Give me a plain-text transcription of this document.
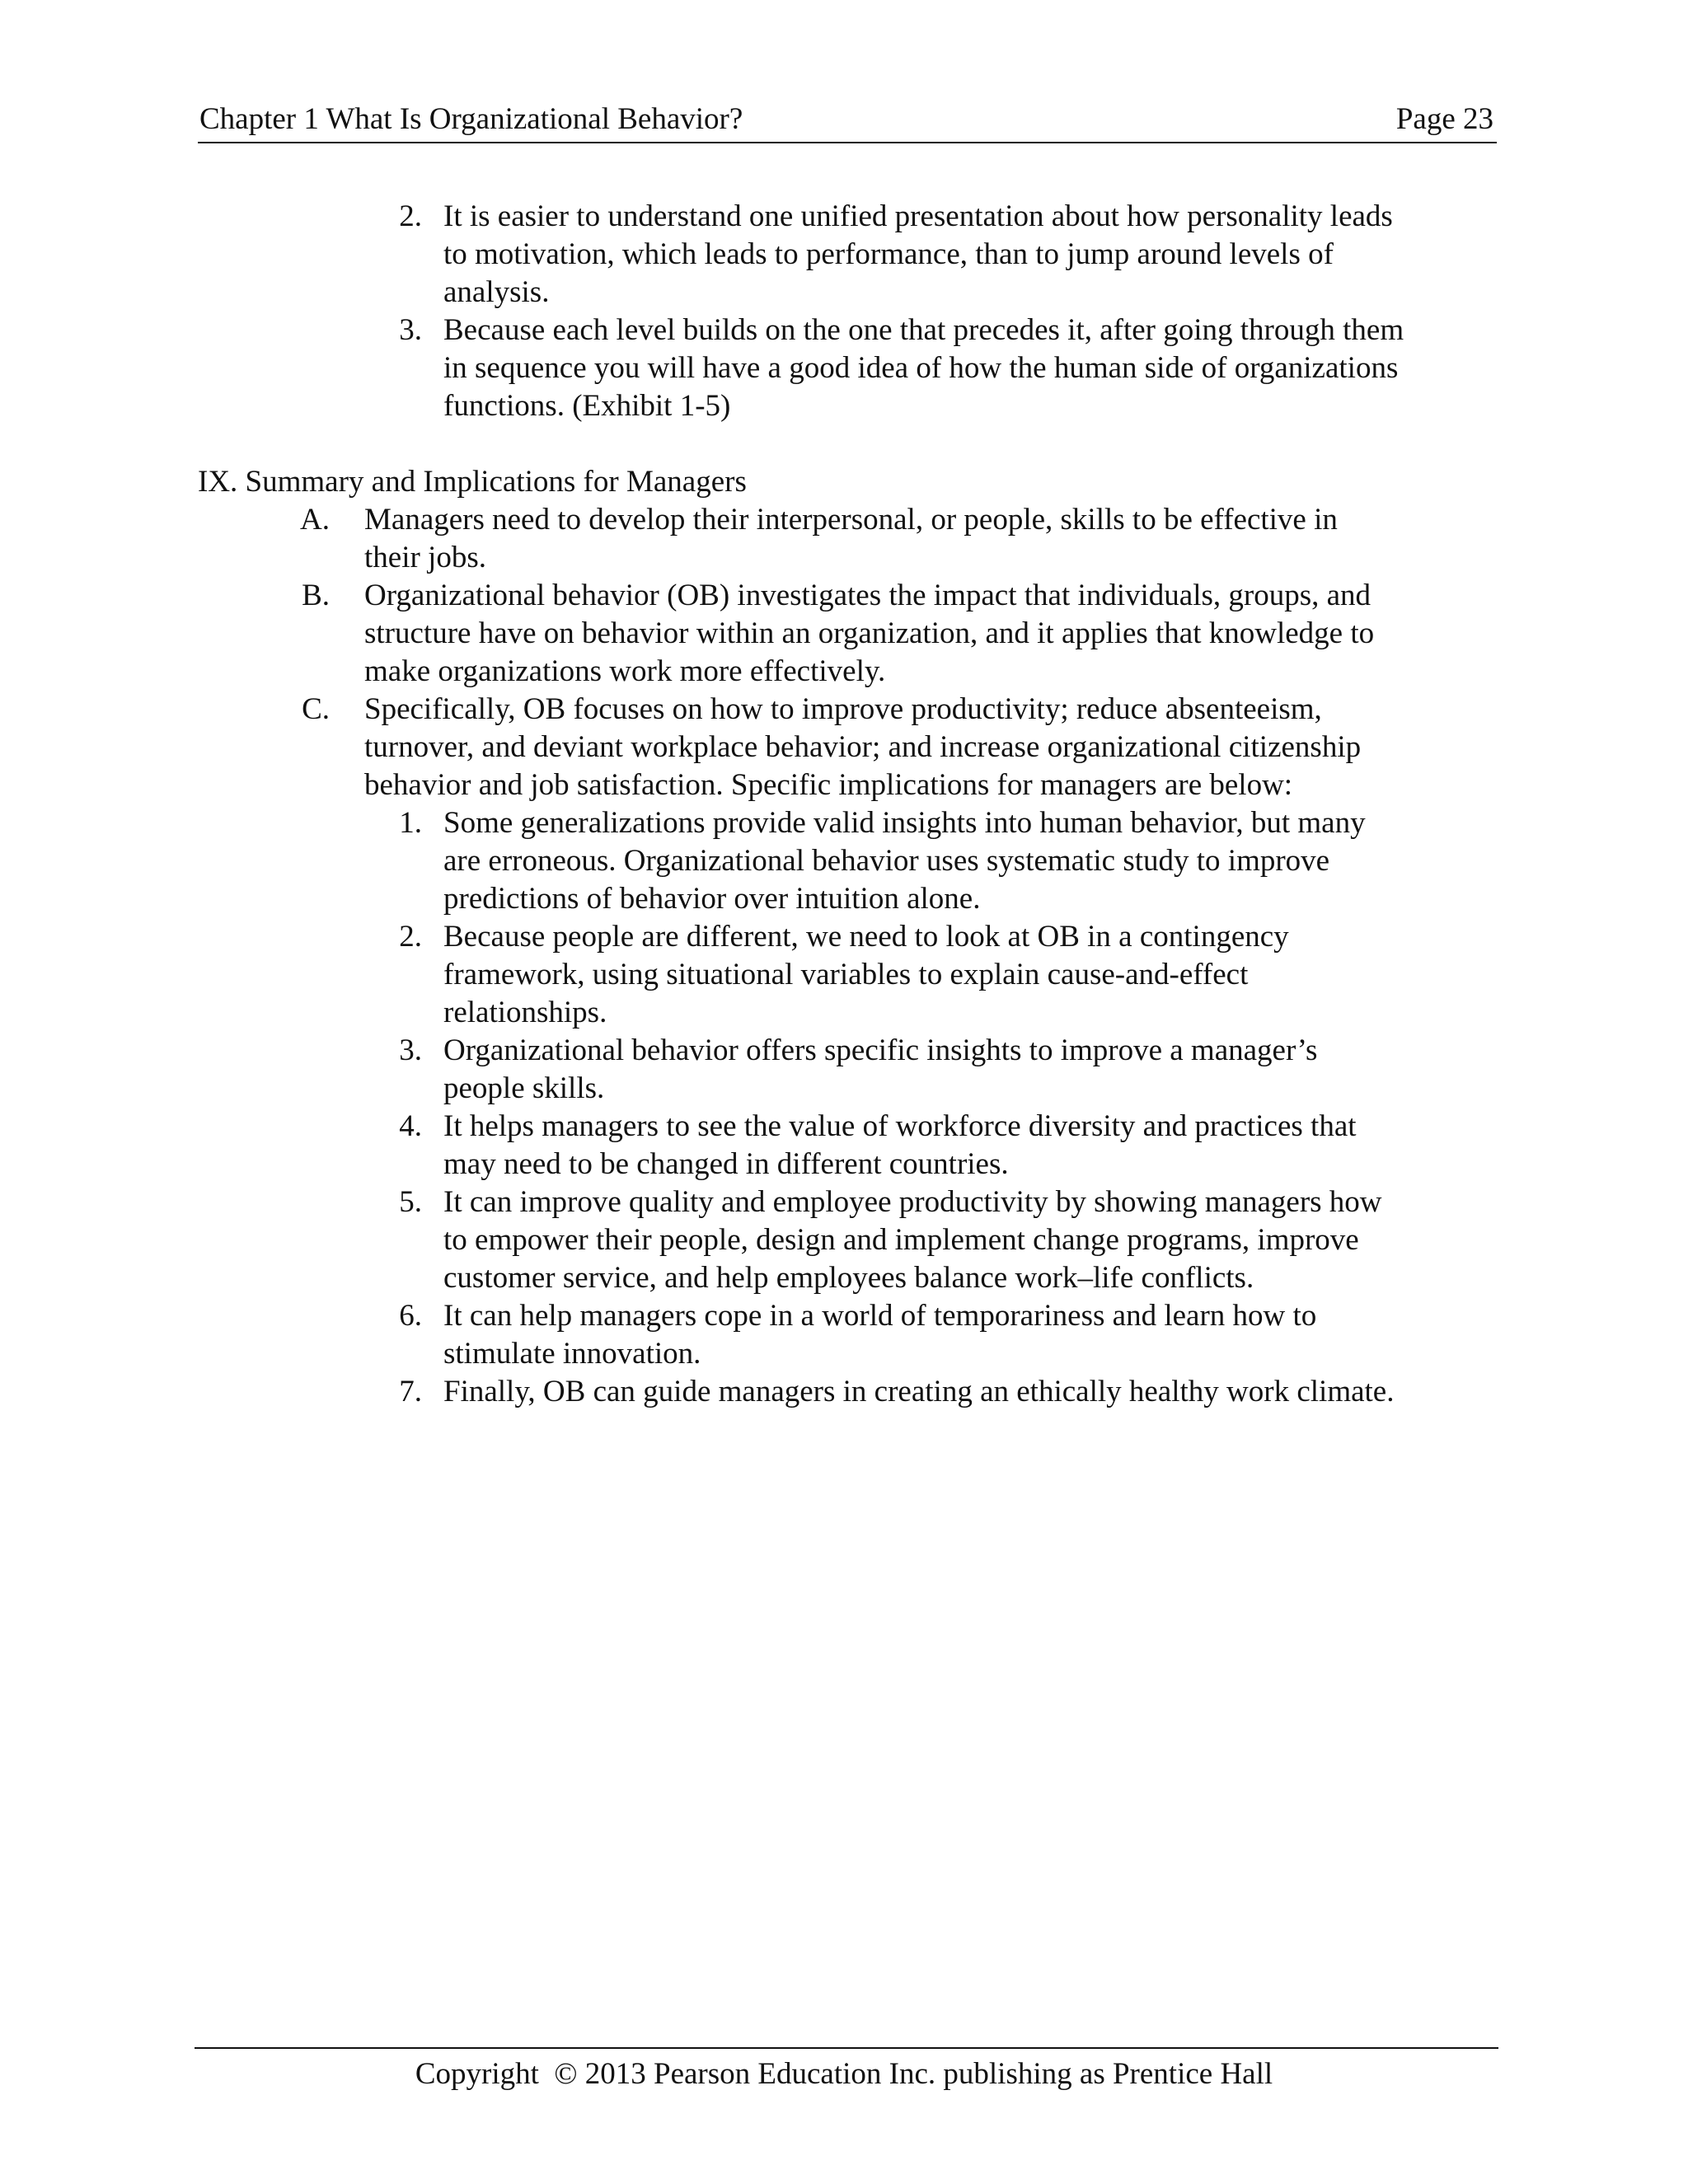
Chapter 1 What Is Organizational Behavior?	Page 23
2. It is easier to understand one unified presentation about how personality leads
to motivation, which leads to performance, than to jump around levels of
analysis.
3. Because each level builds on the one that precedes it, after going through them
in sequence you will have a good idea of how the human side of organizations
functions. (Exhibit 1-5)
IX. Summary and Implications for Managers
A. Managers need to develop their interpersonal, or people, skills to be effective in
their jobs.
B. Organizational behavior (OB) investigates the impact that individuals, groups, and
structure have on behavior within an organization, and it applies that knowledge to
make organizations work more effectively.
C. Specifically, OB focuses on how to improve productivity; reduce absenteeism,
turnover, and deviant workplace behavior; and increase organizational citizenship
behavior and job satisfaction. Specific implications for managers are below:
1. Some generalizations provide valid insights into human behavior, but many
are erroneous. Organizational behavior uses systematic study to improve
predictions of behavior over intuition alone.
2. Because people are different, we need to look at OB in a contingency
framework, using situational variables to explain cause-and-effect
relationships.
3. Organizational behavior offers specific insights to improve a manager’s
people skills.
4. It helps managers to see the value of workforce diversity and practices that
may need to be changed in different countries.
5. It can improve quality and employee productivity by showing managers how
to empower their people, design and implement change programs, improve
customer service, and help employees balance work–life conflicts.
6. It can help managers cope in a world of temporariness and learn how to
stimulate innovation.
7. Finally, OB can guide managers in creating an ethically healthy work climate.
Copyright  © 2013 Pearson Education Inc. publishing as Prentice Hall
